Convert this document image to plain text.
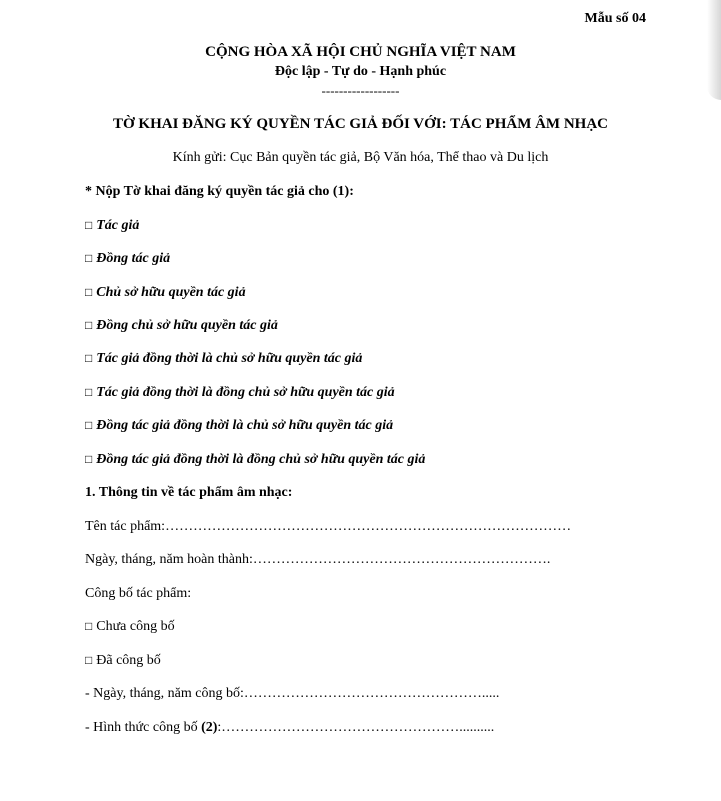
Mẫu số 04
CỘNG HÒA XÃ HỘI CHỦ NGHĨA VIỆT NAM
Độc lập - Tự do - Hạnh phúc
------------------
TỜ KHAI ĐĂNG KÝ QUYỀN TÁC GIẢ ĐỐI VỚI: TÁC PHẨM ÂM NHẠC
Kính gửi: Cục Bản quyền tác giả, Bộ Văn hóa, Thể thao và Du lịch
* Nộp Tờ khai đăng ký quyền tác giả cho (1):
□ Tác giả
□ Đồng tác giả
□ Chủ sở hữu quyền tác giả
□ Đồng chủ sở hữu quyền tác giả
□ Tác giả đồng thời là chủ sở hữu quyền tác giả
□ Tác giả đồng thời là đồng chủ sở hữu quyền tác giả
□ Đồng tác giả đồng thời là chủ sở hữu quyền tác giả
□ Đồng tác giả đồng thời là đồng chủ sở hữu quyền tác giả
1. Thông tin về tác phẩm âm nhạc:
Tên tác phẩm:……………………………………………………………………………
Ngày, tháng, năm hoàn thành:……………………………………………………….
Công bố tác phẩm:
□ Chưa công bố
□ Đã công bố
- Ngày, tháng, năm công bố:…………………………………………….....
- Hình thức công bố (2):……………………………………………..........
